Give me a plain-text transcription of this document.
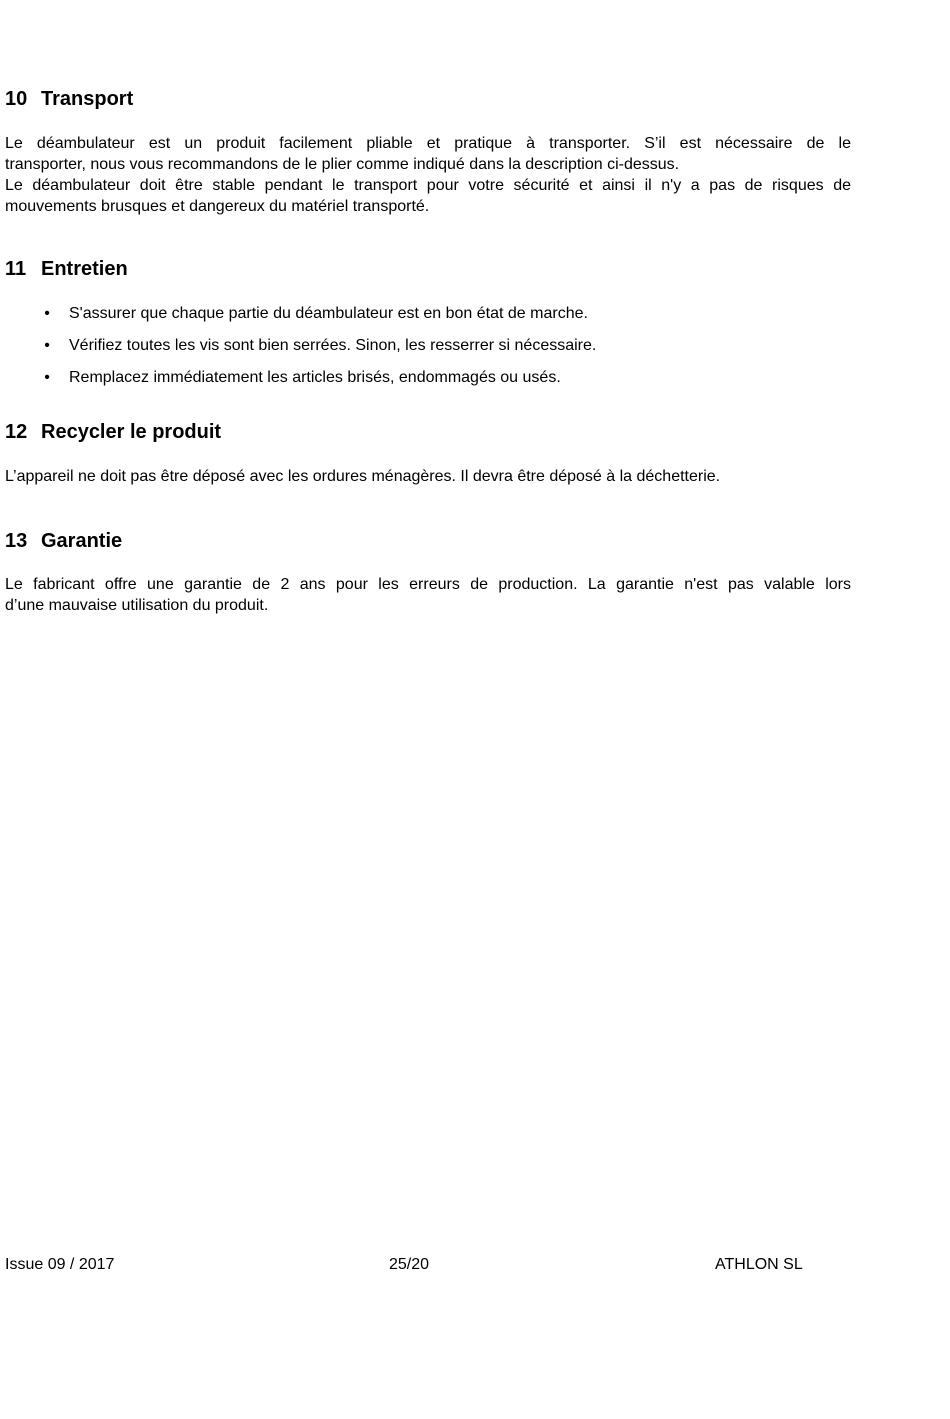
10 Transport

Le déambulateur est un produit facilement pliable et pratique à transporter. S’il est nécessaire de le
transporter, nous vous recommandons de le plier comme indiqué dans la description ci-dessus.
Le déambulateur doit être stable pendant le transport pour votre sécurité et ainsi il n'y a pas de risques de
mouvements brusques et dangereux du matériel transporté.

11 Entretien
• S'assurer que chaque partie du déambulateur est en bon état de marche.
• Vérifiez toutes les vis sont bien serrées. Sinon, les resserrer si nécessaire.
• Remplacez immédiatement les articles brisés, endommagés ou usés.
12 Recycler le produit

L’appareil ne doit pas être déposé avec les ordures ménagères. Il devra être déposé à la déchetterie.

13 Garantie

Le fabricant offre une garantie de 2 ans pour les erreurs de production. La garantie n'est pas valable lors
d’une mauvaise utilisation du produit.

Issue 09 / 2017	25/20	ATHLON SL
